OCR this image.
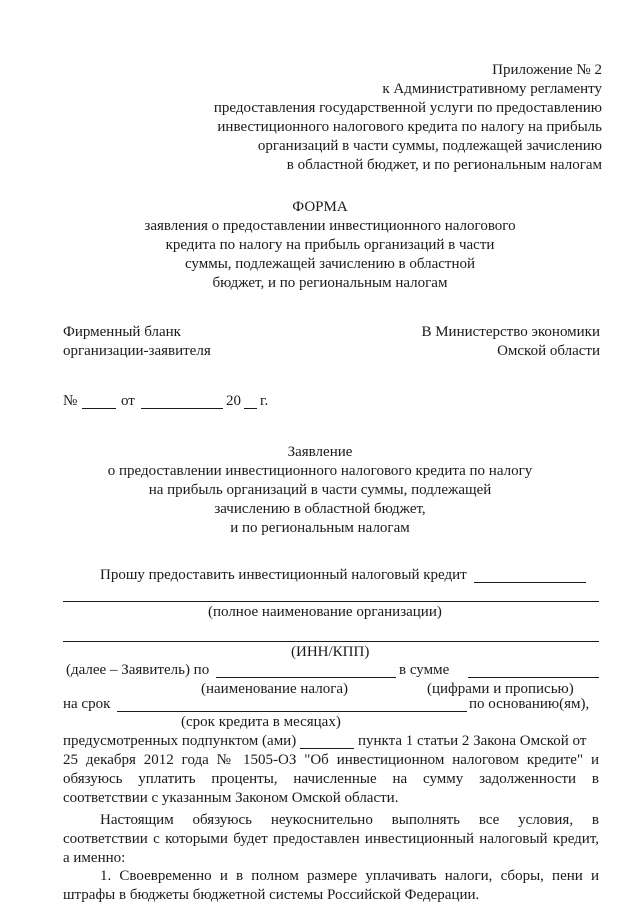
Приложение № 2
к Административному регламенту
предоставления государственной услуги по предоставлению
инвестиционного налогового кредита по налогу на прибыль
организаций в части суммы, подлежащей зачислению
в областной бюджет, и по региональным налогам
ФОРМА
заявления о предоставлении инвестиционного налогового
кредита по налогу на прибыль организаций в части
суммы, подлежащей зачислению в областной
бюджет, и по региональным налогам
Фирменный бланк
организации-заявителя
В Министерство экономики
Омской области
№	от	20 г.
Заявление
о предоставлении инвестиционного налогового кредита по налогу
на прибыль организаций в части суммы, подлежащей
зачислению в областной бюджет,
и по региональным налогам
Прошу предоставить инвестиционный налоговый кредит
(полное наименование организации)
(ИНН/КПП)
(далее – Заявитель) по	в сумме
(наименование налога)	(цифрами и прописью)
на срок	по основанию(ям),
(срок кредита в месяцах)
предусмотренных подпунктом (ами)	пункта 1 статьи 2 Закона Омской от
25 декабря 2012 года № 1505-ОЗ "Об инвестиционном налоговом кредите" и
обязуюсь уплатить проценты, начисленные на сумму задолженности в
соответствии с указанным Законом Омской области.
Настоящим обязуюсь неукоснительно выполнять все условия, в
соответствии с которыми будет предоставлен инвестиционный налоговый кредит,
а именно:
1. Своевременно и в полном размере уплачивать налоги, сборы, пени и
штрафы в бюджеты бюджетной системы Российской Федерации.
